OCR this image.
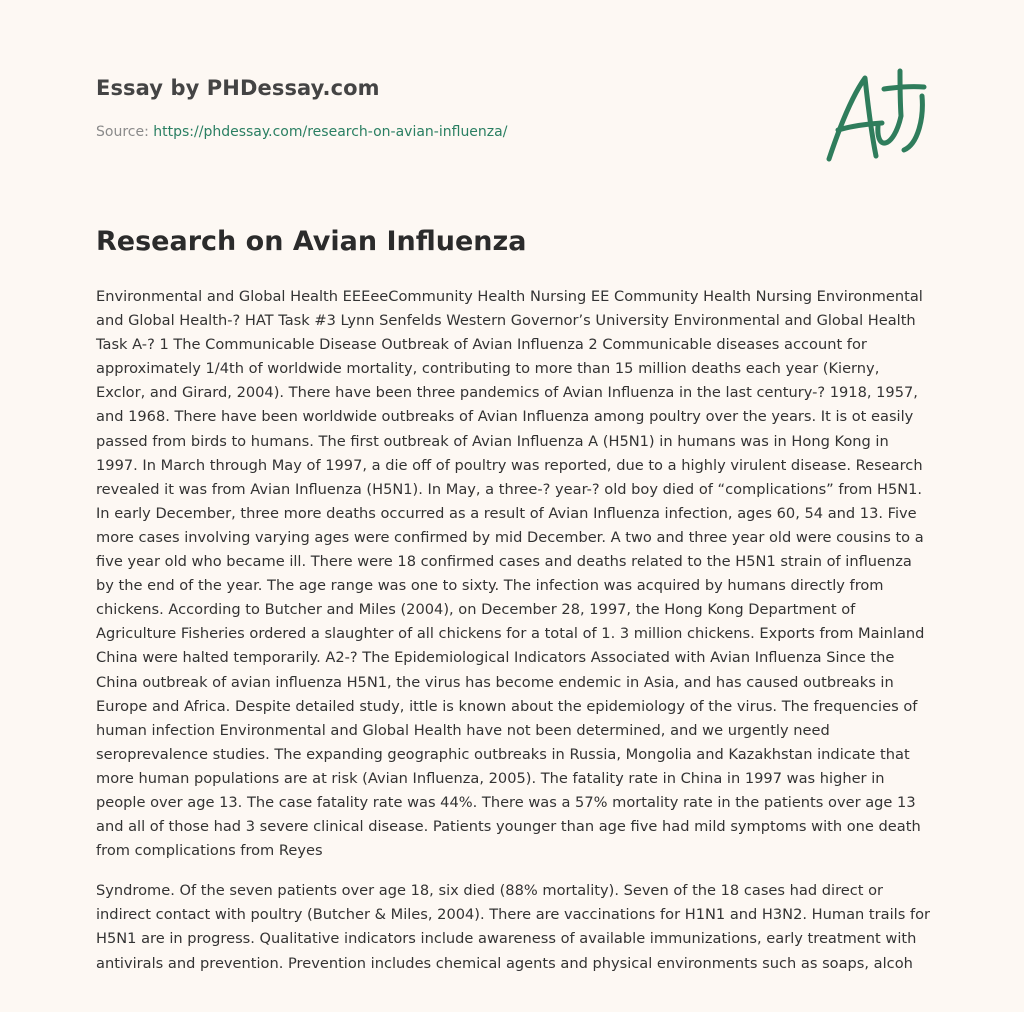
Essay by PHDessay.com

Source: https://phdessay.com/research-on-avian-influenza/

Research on Avian Influenza

Environmental and Global Health EEEeeCommunity Health Nursing EE Community Health Nursing Environmental and Global Health-? HAT Task #3 Lynn Senfelds Western Governor’s University Environmental and Global Health Task A-? 1 The Communicable Disease Outbreak of Avian Influenza 2 Communicable diseases account for approximately 1/4th of worldwide mortality, contributing to more than 15 million deaths each year (Kierny, Exclor, and Girard, 2004). There have been three pandemics of Avian Influenza in the last century-? 1918, 1957, and 1968. There have been worldwide outbreaks of Avian Influenza among poultry over the years. It is ot easily passed from birds to humans. The first outbreak of Avian Influenza A (H5N1) in humans was in Hong Kong in 1997. In March through May of 1997, a die off of poultry was reported, due to a highly virulent disease. Research revealed it was from Avian Influenza (H5N1). In May, a three-? year-? old boy died of “complications” from H5N1. In early December, three more deaths occurred as a result of Avian Influenza infection, ages 60, 54 and 13. Five more cases involving varying ages were confirmed by mid December. A two and three year old were cousins to a five year old who became ill. There were 18 confirmed cases and deaths related to the H5N1 strain of influenza by the end of the year. The age range was one to sixty. The infection was acquired by humans directly from chickens. According to Butcher and Miles (2004), on December 28, 1997, the Hong Kong Department of Agriculture Fisheries ordered a slaughter of all chickens for a total of 1. 3 million chickens. Exports from Mainland China were halted temporarily. A2-? The Epidemiological Indicators Associated with Avian Influenza Since the China outbreak of avian influenza H5N1, the virus has become endemic in Asia, and has caused outbreaks in Europe and Africa. Despite detailed study, ittle is known about the epidemiology of the virus. The frequencies of human infection Environmental and Global Health have not been determined, and we urgently need seroprevalence studies. The expanding geographic outbreaks in Russia, Mongolia and Kazakhstan indicate that more human populations are at risk (Avian Influenza, 2005). The fatality rate in China in 1997 was higher in people over age 13. The case fatality rate was 44%. There was a 57% mortality rate in the patients over age 13 and all of those had 3 severe clinical disease. Patients younger than age five had mild symptoms with one death from complications from Reyes

Syndrome. Of the seven patients over age 18, six died (88% mortality). Seven of the 18 cases had direct or indirect contact with poultry (Butcher & Miles, 2004). There are vaccinations for H1N1 and H3N2. Human trails for H5N1 are in progress. Qualitative indicators include awareness of available immunizations, early treatment with antivirals and prevention. Prevention includes chemical agents and physical environments such as soaps, alcoh
